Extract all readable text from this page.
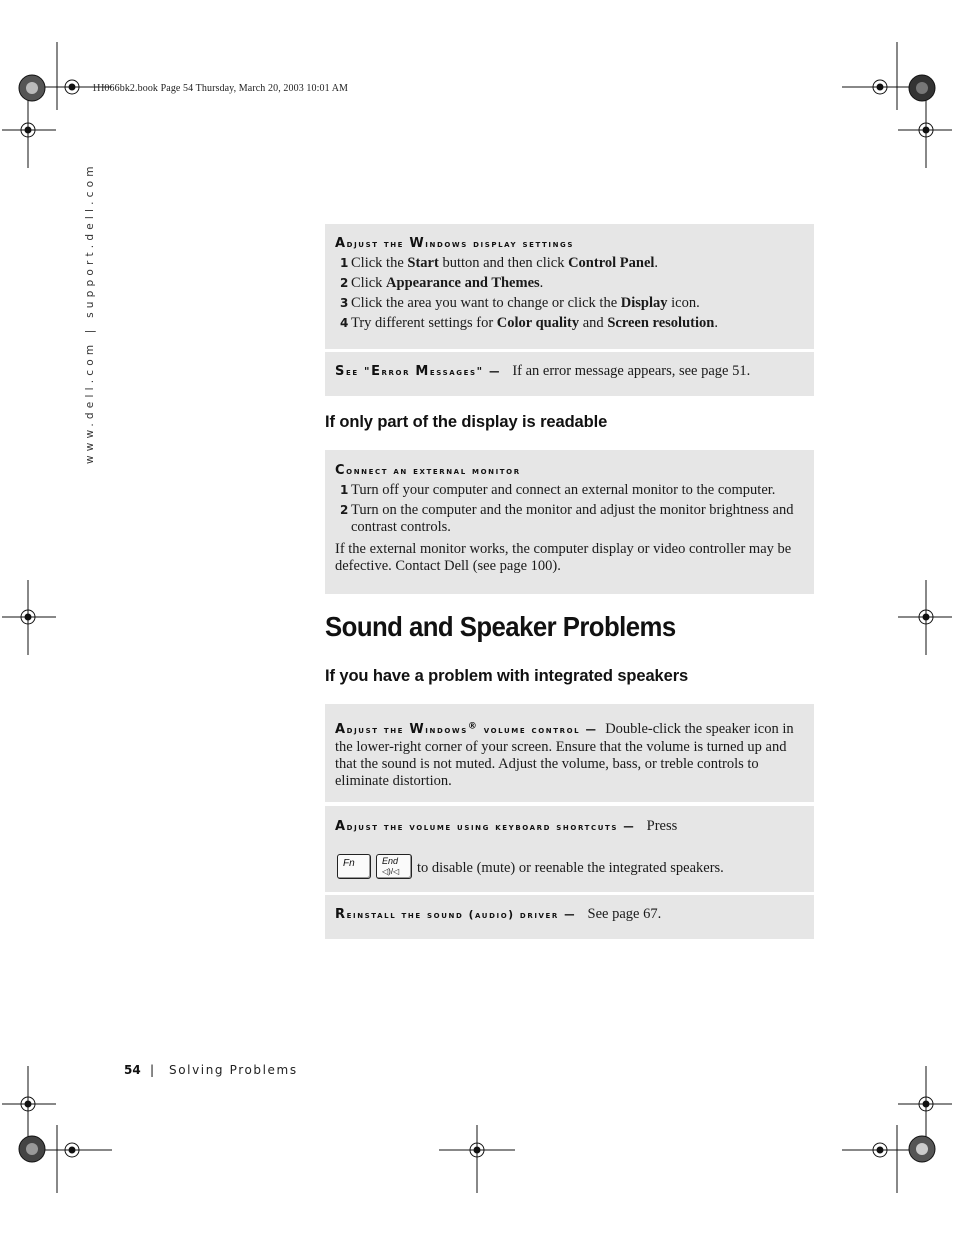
1H066bk2.book Page 54 Thursday, March 20, 2003 10:01 AM
www.dell.com | support.dell.com	Adjust the Windows display settings
1 Click the Start button and then click Control Panel.
2 Click Appearance and Themes.
3 Click the area you want to change or click the Display icon.
4 Try different settings for Color quality and Screen resolution.
See "Error Messages" — If an error message appears, see page 51.
If only part of the display is readable
Connect an external monitor
1 Turn off your computer and connect an external monitor to the computer.
2 Turn on the computer and the monitor and adjust the monitor brightness and contrast controls.
If the external monitor works, the computer display or video controller may be defective. Contact Dell (see page 100).
Sound and Speaker Problems
If you have a problem with integrated speakers
Adjust the Windows® volume control — Double-click the speaker icon in the lower-right corner of your screen. Ensure that the volume is turned up and that the sound is not muted. Adjust the volume, bass, or treble controls to eliminate distortion.
Adjust the volume using keyboard shortcuts — Press
Fn	End
◁)/◁ to disable (mute) or reenable the integrated speakers.
Reinstall the sound (audio) driver — See page 67.
54 | Solving Problems
